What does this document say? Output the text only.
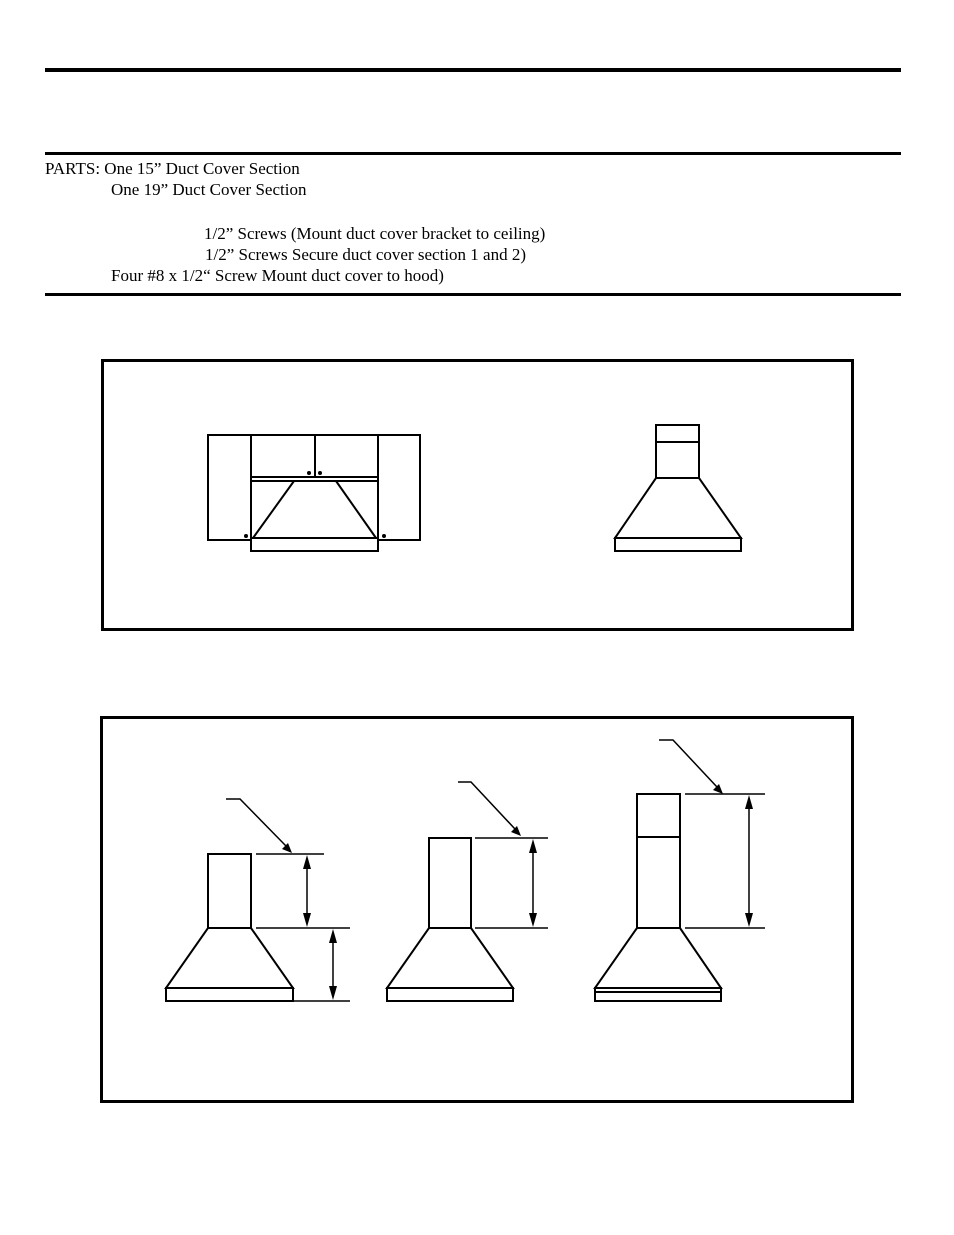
PARTS: One 15” Duct Cover Section
One 19” Duct Cover Section
1/2” Screws (Mount duct cover bracket to ceiling)
1/2” Screws Secure duct cover section 1 and 2)
Four #8 x 1/2“ Screw Mount duct cover to hood)
